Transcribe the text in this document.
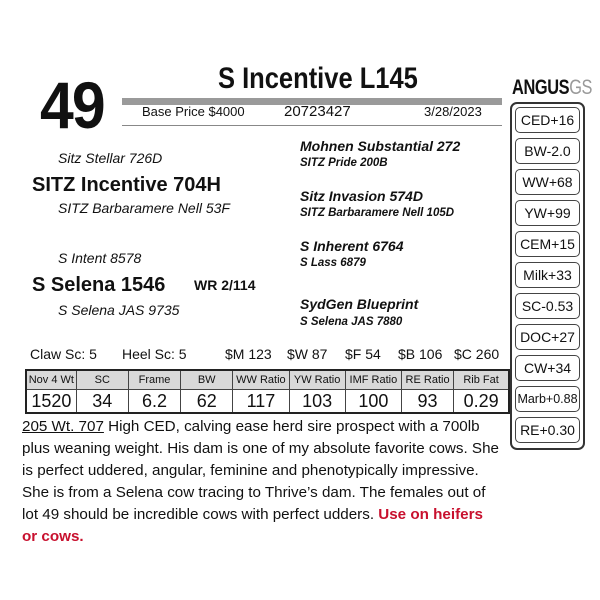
49	S Incentive L145
Base Price $4000	20723427	3/28/2023
Sitz Stellar 726D
SITZ Incentive 704H
SITZ Barbaramere Nell 53F
S Intent 8578
S Selena 1546 WR 2/114
S Selena JAS 9735
Mohnen Substantial 272
SITZ Pride 200B
Sitz Invasion 574D
SITZ Barbaramere Nell 105D
S Inherent 6764
S Lass 6879
SydGen Blueprint
S Selena JAS 7880
Claw Sc: 5 Heel Sc: 5	$M 123 $W 87 $F 54 $B 106 $C 260
Nov 4 Wt	SC	Frame	BW	WW Ratio	YW Ratio	IMF Ratio	RE Ratio	Rib Fat
1520	34	6.2	62	117	103	100	93	0.29
205 Wt. 707 High CED, calving ease herd sire prospect with a 700lb plus weaning weight. His dam is one of my absolute favorite cows. She is perfect uddered, angular, feminine and phenotypically impressive. She is from a Selena cow tracing to Thrive’s dam. The females out of lot 49 should be incredible cows with perfect udders. Use on heifers or cows.
ANGUSGS
CED+16
BW-2.0
WW+68
YW+99
CEM+15
Milk+33
SC-0.53
DOC+27
CW+34
Marb+0.88
RE+0.30
